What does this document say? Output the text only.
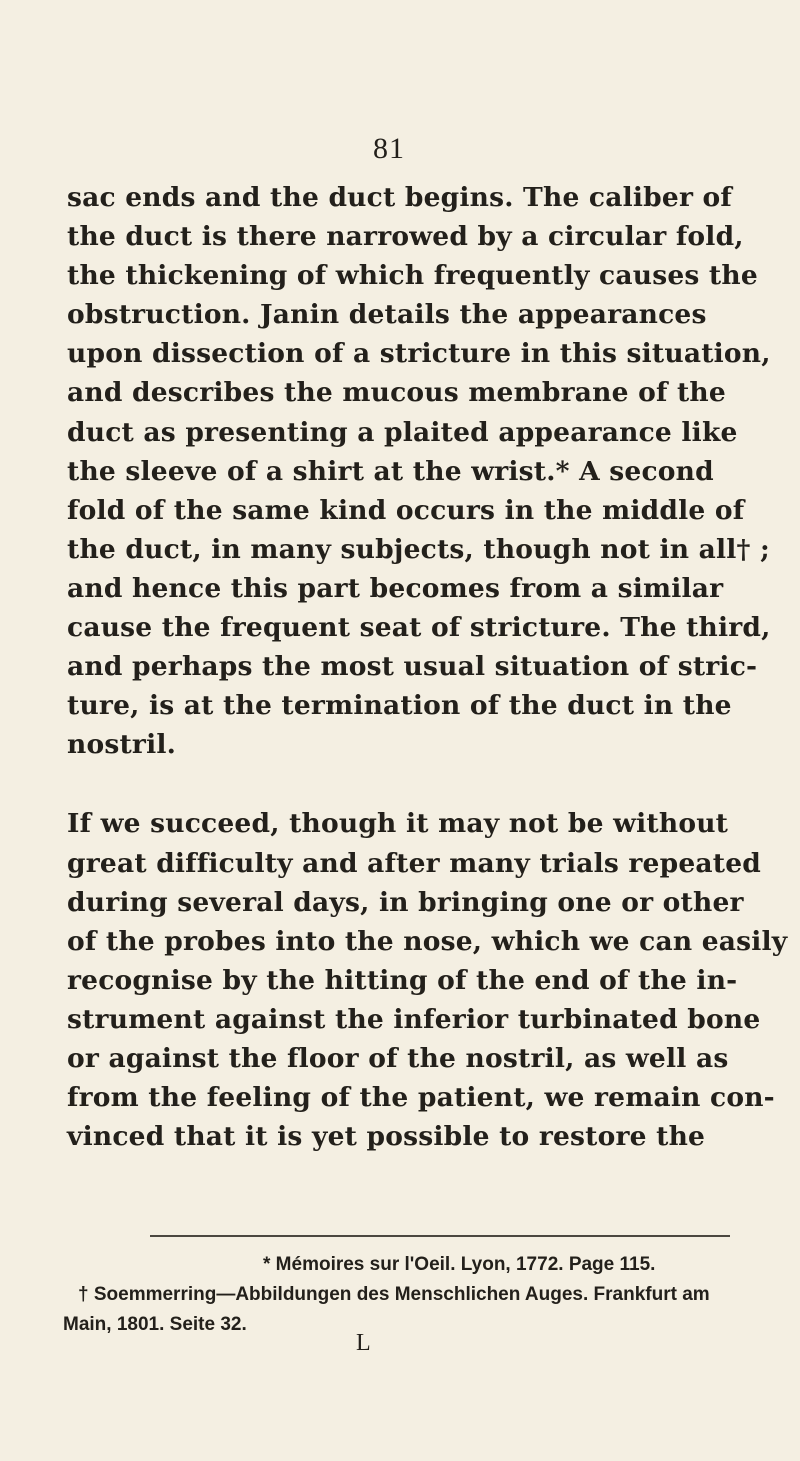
81
sac ends and the duct begins. The caliber of
the duct is there narrowed by a circular fold,
the thickening of which frequently causes the
obstruction. Janin details the appearances
upon dissection of a stricture in this situation,
and describes the mucous membrane of the
duct as presenting a plaited appearance like
the sleeve of a shirt at the wrist.* A second
fold of the same kind occurs in the middle of
the duct, in many subjects, though not in all† ;
and hence this part becomes from a similar
cause the frequent seat of stricture. The third,
and perhaps the most usual situation of stric-
ture, is at the termination of the duct in the
nostril.
If we succeed, though it may not be without
great difficulty and after many trials repeated
during several days, in bringing one or other
of the probes into the nose, which we can easily
recognise by the hitting of the end of the in-
strument against the inferior turbinated bone
or against the floor of the nostril, as well as
from the feeling of the patient, we remain con-
vinced that it is yet possible to restore the
* Mémoires sur l'Oeil. Lyon, 1772. Page 115.
† Soemmerring—Abbildungen des Menschlichen Auges. Frankfurt am
Main, 1801. Seite 32.
L
